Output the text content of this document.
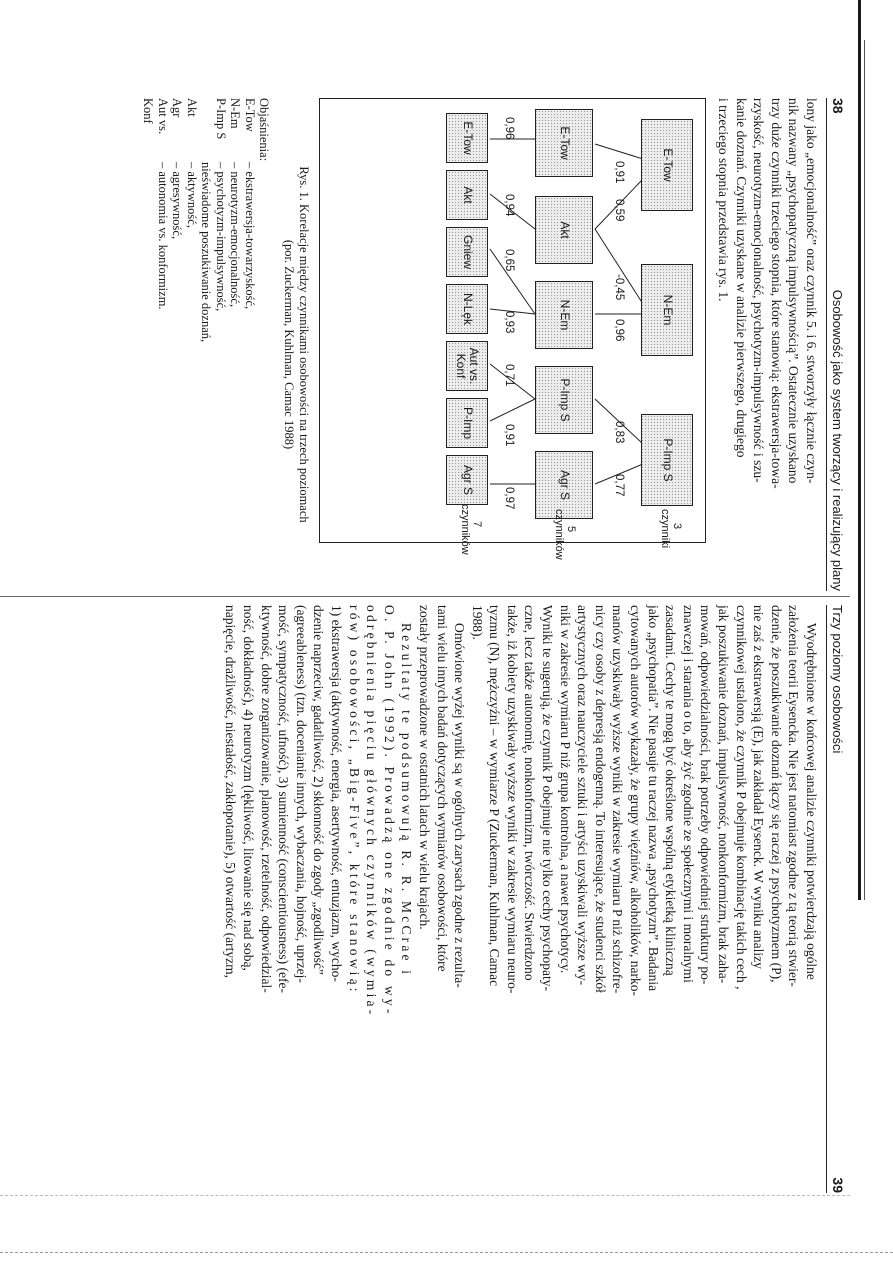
38
Osobowość jako system tworzący i realizujący plany
lony jako „emocjonalność” oraz czynnik 5. i 6. stworzyły łącznie czyn-
nik nazwany „psychopatyczną impulsywnością”. Ostatecznie uzyskano
trzy duże czynniki trzeciego stopnia, które stanowią: ekstrawersja-towa-
rzyskość, neurotyzm-emocjonalność, psychotyzm-impulsywność i szu-
kanie doznań. Czynniki uzyskane w analizie pierwszego, drugiego
i trzeciego stopnia przedstawia rys. 1.
E-Tow
N-Em
P-Imp S
3
czynniki
0,91
0,59
-0,45
0,96
0,83
0,77
E-Tow
Akt
N-Em
P-Imp S
Agr S
5
czynników
0,96
0,94
0,65
0,93
0,71
0,91
0,97
E-Tow
Akt
Gniew
N-Lęk
Aut vs. Konf
P-Imp
Agr S
7
czynników
Rys. 1. Korelacje między czynnikami osobowości na trzech poziomach
(por. Zuckerman, Kuhlman, Camac 1988)
Objaśnienia:
E-Tow
– ekstrawersja-towarzyskość,
N-Em
– neurotyzm-emocjonalność,
P-Imp S
– psychotyzm-impulsywność,
nieświadome poszukiwanie doznań,
Akt
– aktywność,
Agr
– agresywność,
Aut vs. Konf
– autonomia vs. konformizm.
Trzy poziomy osobowości
39
Wyodrębnione w końcowej analizie czynniki potwierdzają ogólne
założenia teorii Eysencka. Nie jest natomiast zgodne z tą teorią stwier-
dzenie, że poszukiwanie doznań łączy się raczej z psychotyzmem (P),
nie zaś z ekstrawersją (E), jak zakładał Eysenck. W wyniku analizy
czynnikowej ustalono, że czynnik P obejmuje kombinację takich cech ,
jak poszukiwanie doznań, impulsywność, nonkonformizm, brak zaha-
mowań, odpowiedzialności, brak potrzeby odpowiedniej struktury po-
znawczej i starania o to, aby żyć zgodnie ze społecznymi i moralnymi
zasadami. Cechy te mogą być określone wspólną etykietką kliniczną
jako „psychopatia”. Nie pasuje tu raczej nazwa „psychotyzm”. Badania
cytowanych autorów wykazały, że grupy więźniów, alkoholików, narko-
manów uzyskiwały wyższe wyniki w zakresie wymiaru P niż schizofre-
nicy czy osoby z depresją endogenną. To interesujące, że studenci szkół
artystycznych oraz nauczyciele sztuki i artyści uzyskiwali wyższe wy-
niki w zakresie wymiaru P niż grupa kontrolna, a nawet psychotycy.
Wyniki te sugerują, że czynnik P obejmuje nie tylko cechy psychopaty-
czne, lecz także autonomię, nonkonformizm, twórczość. Stwierdzono
także, iż kobiety uzyskiwały wyższe wyniki w zakresie wymiaru neuro-
tyzmu (N), mężczyźni – w wymiarze P (Zuckerman, Kuhlman, Camac
1988).
Omówione wyżej wyniki są w ogólnych zarysach zgodne z rezulta-
tami wielu innych badań dotyczących wymiarów osobowości, które
zostały przeprowadzone w ostatnich latach w wielu krajach.
Rezultaty te podsumowują R. R. McCrae i
O. P. John (1992). Prowadzą one zgodnie do wy-
odrębnienia pięciu głównych czynników (wymia-
rów) osobowości, „Big-Five”, które stanowią:
1) ekstrawersja (aktywność, energia, asertywność, entuzjazm, wycho-
dzenie naprzeciw, gadatliwość, 2) skłonność do zgody „zgodliwość”
(agreeableness) (tzn. docenianie innych, wybaczania, hojność, uprzej-
mość, sympatyczność, ufność), 3) sumienność (conscientiousness) (efe-
ktywność, dobre zorganizowanie, planowość, rzetelność, odpowiedzial-
ność, dokładność), 4) neurotyzm (lękliwość, litowanie się nad sobą,
napięcie, drażliwość, niestałość, zakłopotanie), 5) otwartość (artyzm,
